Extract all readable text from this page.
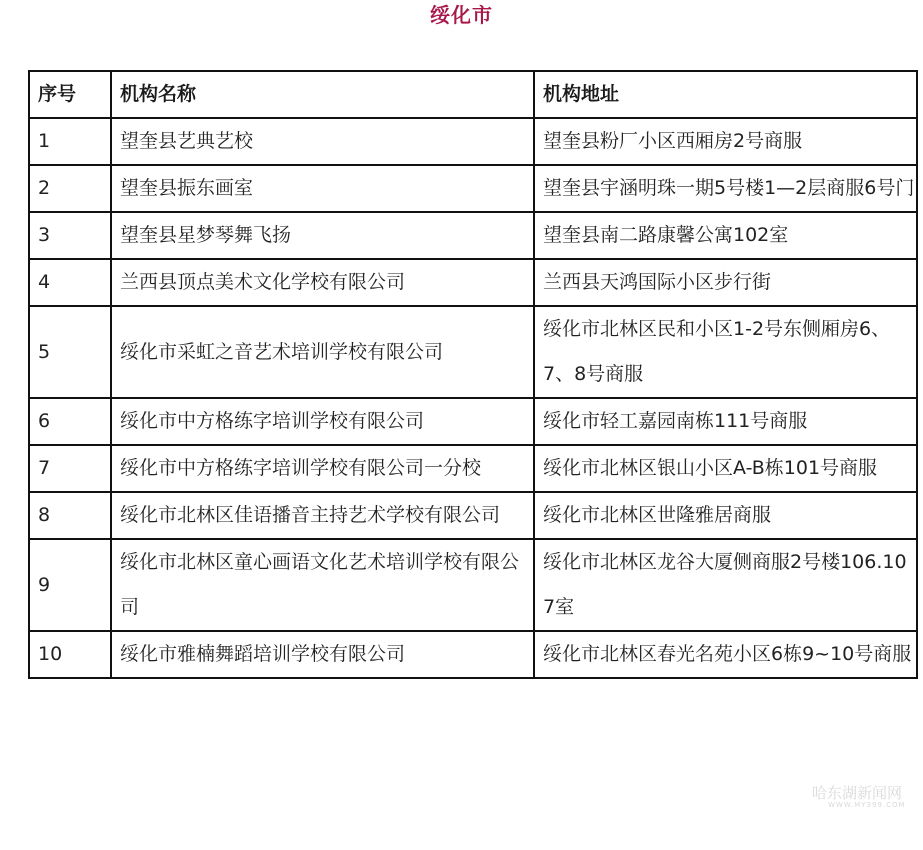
绥化市
序号	机构名称	机构地址
1	望奎县艺典艺校	望奎县粉厂小区西厢房2号商服
2	望奎县振东画室	望奎县宇涵明珠一期5号楼1—2层商服6号门
3	望奎县星梦琴舞飞扬	望奎县南二路康馨公寓102室
4	兰西县顶点美术文化学校有限公司	兰西县天鸿国际小区步行街
5	绥化市采虹之音艺术培训学校有限公司	绥化市北林区民和小区1-2号东侧厢房6、7、8号商服
6	绥化市中方格练字培训学校有限公司	绥化市轻工嘉园南栋111号商服
7	绥化市中方格练字培训学校有限公司一分校	绥化市北林区银山小区A-B栋101号商服
8	绥化市北林区佳语播音主持艺术学校有限公司	绥化市北林区世隆雅居商服
9	绥化市北林区童心画语文化艺术培训学校有限公司	绥化市北林区龙谷大厦侧商服2号楼106.107室
10	绥化市雅楠舞蹈培训学校有限公司	绥化市北林区春光名苑小区6栋9~10号商服
哈东湖新闻网
WWW.MY399.COM
